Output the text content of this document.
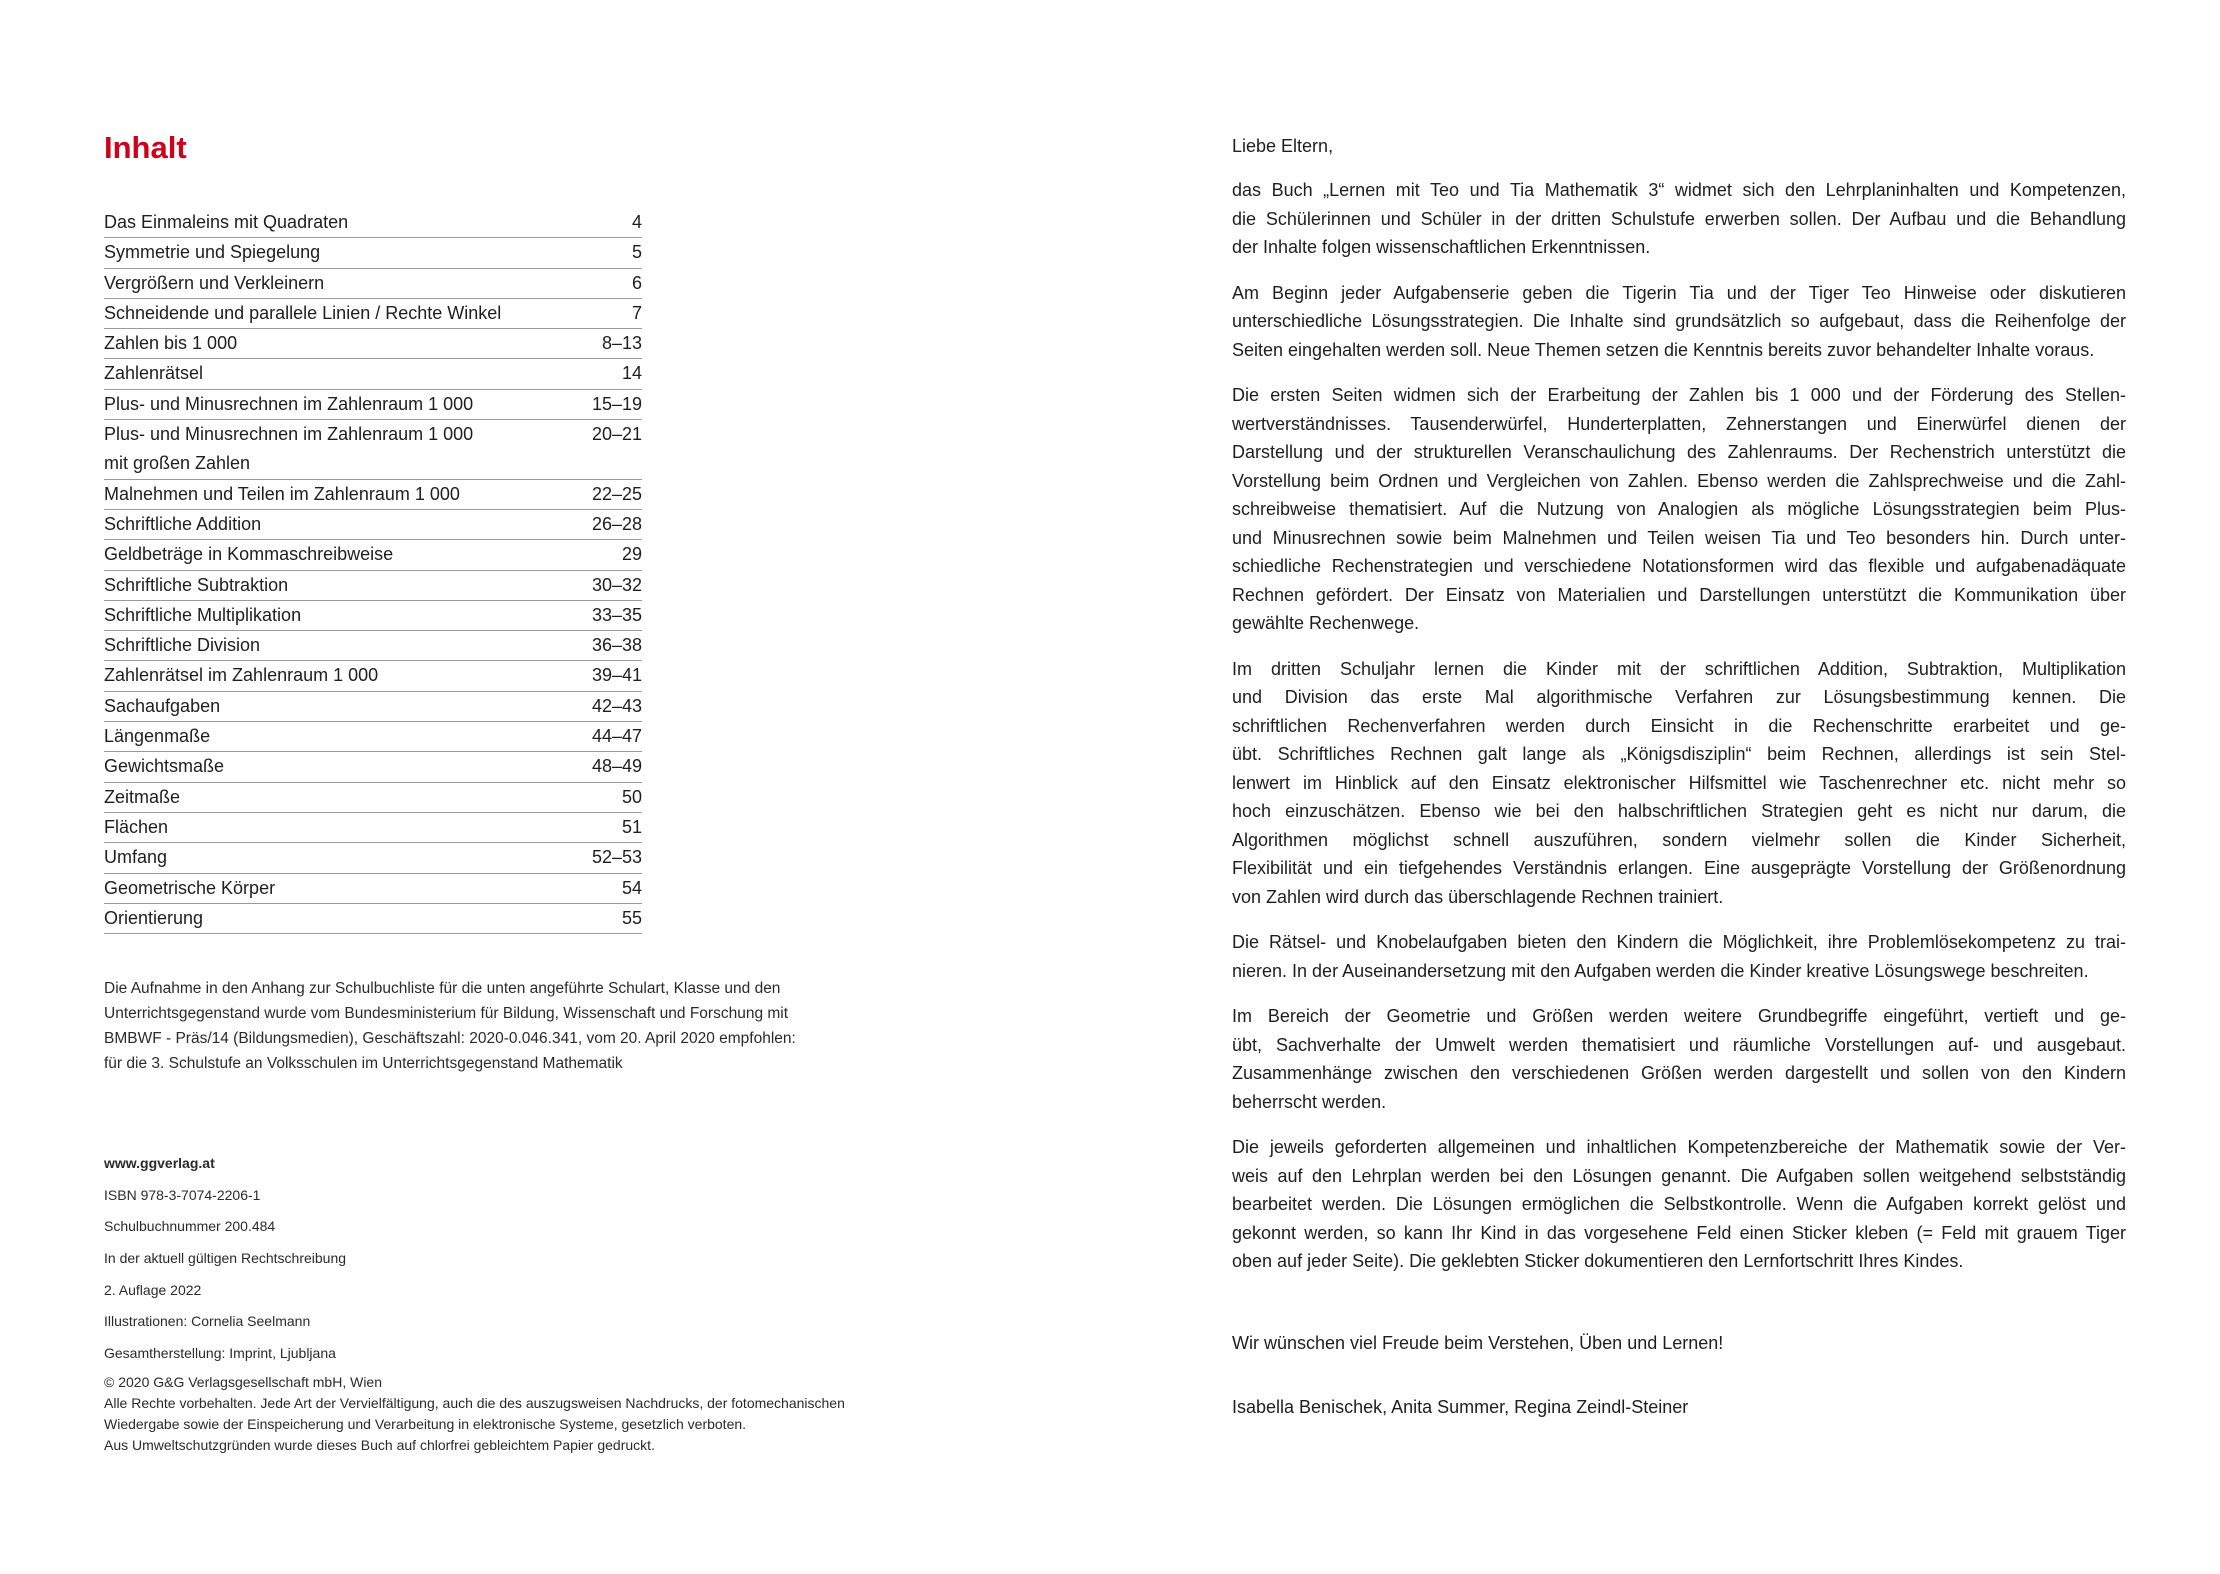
Inhalt
Das Einmaleins mit Quadraten	4
Symmetrie und Spiegelung	5
Vergrößern und Verkleinern	6
Schneidende und parallele Linien / Rechte Winkel	7
Zahlen bis 1 000	8–13
Zahlenrätsel	14
Plus- und Minusrechnen im Zahlenraum 1 000	15–19
Plus- und Minusrechnen im Zahlenraum 1 000
mit großen Zahlen
20–21
Malnehmen und Teilen im Zahlenraum 1 000	22–25
Schriftliche Addition	26–28
Geldbeträge in Kommaschreibweise	29
Schriftliche Subtraktion	30–32
Schriftliche Multiplikation	33–35
Schriftliche Division	36–38
Zahlenrätsel im Zahlenraum 1 000	39–41
Sachaufgaben	42–43
Längenmaße	44–47
Gewichtsmaße	48–49
Zeitmaße	50
Flächen	51
Umfang	52–53
Geometrische Körper	54
Orientierung	55
Die Aufnahme in den Anhang zur Schulbuchliste für die unten angeführte Schulart, Klasse und den
Unterrichtsgegenstand wurde vom Bundesministerium für Bildung, Wissenschaft und Forschung mit
BMBWF - Präs/14 (Bildungsmedien), Geschäftszahl: 2020-0.046.341, vom 20. April 2020 empfohlen:
für die 3. Schulstufe an Volksschulen im Unterrichtsgegenstand Mathematik
www.ggverlag.at
ISBN 978-3-7074-2206-1
Schulbuchnummer 200.484
In der aktuell gültigen Rechtschreibung
2. Auflage 2022
Illustrationen: Cornelia Seelmann
Gesamtherstellung: Imprint, Ljubljana
© 2020 G&G Verlagsgesellschaft mbH, Wien
Alle Rechte vorbehalten. Jede Art der Vervielfältigung, auch die des auszugsweisen Nachdrucks, der fotomechanischen
Wiedergabe sowie der Einspeicherung und Verarbeitung in elektronische Systeme, gesetzlich verboten.
Aus Umweltschutzgründen wurde dieses Buch auf chlorfrei gebleichtem Papier gedruckt.
Liebe Eltern,
das Buch „Lernen mit Teo und Tia Mathematik 3“ widmet sich den Lehrplaninhalten und Kompetenzen,
die Schülerinnen und Schüler in der dritten Schulstufe erwerben sollen. Der Aufbau und die Behandlung
der Inhalte folgen wissenschaftlichen Erkenntnissen.
Am Beginn jeder Aufgabenserie geben die Tigerin Tia und der Tiger Teo Hinweise oder diskutieren
unterschiedliche Lösungsstrategien. Die Inhalte sind grundsätzlich so aufgebaut, dass die Reihenfolge der
Seiten eingehalten werden soll. Neue Themen setzen die Kenntnis bereits zuvor behandelter Inhalte voraus.
Die ersten Seiten widmen sich der Erarbeitung der Zahlen bis 1 000 und der Förderung des Stellen-
wertverständnisses. Tausenderwürfel, Hunderterplatten, Zehnerstangen und Einerwürfel dienen der
Darstellung und der strukturellen Veranschaulichung des Zahlenraums. Der Rechenstrich unterstützt die
Vorstellung beim Ordnen und Vergleichen von Zahlen. Ebenso werden die Zahlsprechweise und die Zahl-
schreibweise thematisiert. Auf die Nutzung von Analogien als mögliche Lösungsstrategien beim Plus-
und Minusrechnen sowie beim Malnehmen und Teilen weisen Tia und Teo besonders hin. Durch unter-
schiedliche Rechenstrategien und verschiedene Notationsformen wird das flexible und aufgabenadäquate
Rechnen gefördert. Der Einsatz von Materialien und Darstellungen unterstützt die Kommunikation über
gewählte Rechenwege.
Im dritten Schuljahr lernen die Kinder mit der schriftlichen Addition, Subtraktion, Multiplikation
und Division das erste Mal algorithmische Verfahren zur Lösungsbestimmung kennen. Die
schriftlichen Rechenverfahren werden durch Einsicht in die Rechenschritte erarbeitet und ge-
übt. Schriftliches Rechnen galt lange als „Königsdisziplin“ beim Rechnen, allerdings ist sein Stel-
lenwert im Hinblick auf den Einsatz elektronischer Hilfsmittel wie Taschenrechner etc. nicht mehr so
hoch einzuschätzen. Ebenso wie bei den halbschriftlichen Strategien geht es nicht nur darum, die
Algorithmen möglichst schnell auszuführen, sondern vielmehr sollen die Kinder Sicherheit,
Flexibilität und ein tiefgehendes Verständnis erlangen. Eine ausgeprägte Vorstellung der Größenordnung
von Zahlen wird durch das überschlagende Rechnen trainiert.
Die Rätsel- und Knobelaufgaben bieten den Kindern die Möglichkeit, ihre Problemlösekompetenz zu trai-
nieren. In der Auseinandersetzung mit den Aufgaben werden die Kinder kreative Lösungswege beschreiten.
Im Bereich der Geometrie und Größen werden weitere Grundbegriffe eingeführt, vertieft und ge-
übt, Sachverhalte der Umwelt werden thematisiert und räumliche Vorstellungen auf- und ausgebaut.
Zusammenhänge zwischen den verschiedenen Größen werden dargestellt und sollen von den Kindern
beherrscht werden.
Die jeweils geforderten allgemeinen und inhaltlichen Kompetenzbereiche der Mathematik sowie der Ver-
weis auf den Lehrplan werden bei den Lösungen genannt. Die Aufgaben sollen weitgehend selbstständig
bearbeitet werden. Die Lösungen ermöglichen die Selbstkontrolle. Wenn die Aufgaben korrekt gelöst und
gekonnt werden, so kann Ihr Kind in das vorgesehene Feld einen Sticker kleben (= Feld mit grauem Tiger
oben auf jeder Seite). Die geklebten Sticker dokumentieren den Lernfortschritt Ihres Kindes.
Wir wünschen viel Freude beim Verstehen, Üben und Lernen!
Isabella Benischek, Anita Summer, Regina Zeindl-Steiner
